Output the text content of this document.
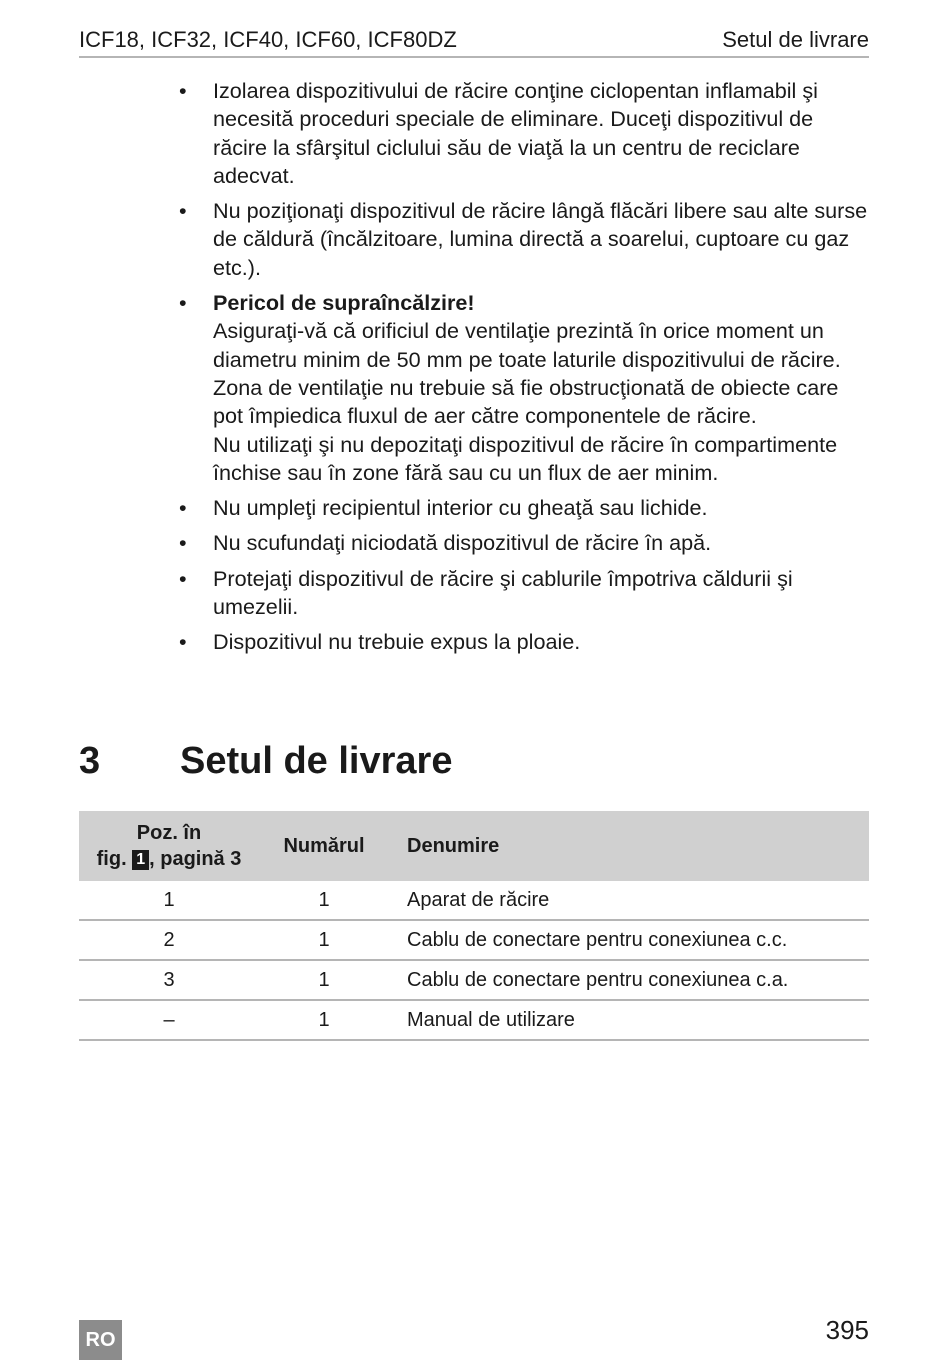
ICF18, ICF32, ICF40, ICF60, ICF80DZ	Setul de livrare
•	Izolarea dispozitivului de răcire conţine ciclopentan inflamabil şi necesită proceduri speciale de eliminare. Duceţi dispozitivul de răcire la sfârşitul ciclului său de viaţă la un centru de reciclare adecvat.
•	Nu poziţionaţi dispozitivul de răcire lângă flăcări libere sau alte surse de căldură (încălzitoare, lumina directă a soarelui, cuptoare cu gaz etc.).
•	Pericol de supraîncălzire!
Asiguraţi-vă că orificiul de ventilaţie prezintă în orice moment un diametru minim de 50 mm pe toate laturile dispozitivului de răcire. Zona de ventilaţie nu trebuie să fie obstrucţionată de obiecte care pot împiedica fluxul de aer către componentele de răcire.
Nu utilizaţi şi nu depozitaţi dispozitivul de răcire în compartimente închise sau în zone fără sau cu un flux de aer minim.
•	Nu umpleţi recipientul interior cu gheaţă sau lichide.
•	Nu scufundaţi niciodată dispozitivul de răcire în apă.
•	Protejaţi dispozitivul de răcire şi cablurile împotriva căldurii şi umezelii.
•	Dispozitivul nu trebuie expus la ploaie.
3 Setul de livrare
Poz. în
fig. 1 , pagină 3	Numărul	Denumire
1	1	Aparat de răcire
2	1	Cablu de conectare pentru conexiunea c.c.
3	1	Cablu de conectare pentru conexiunea c.a.
–	1	Manual de utilizare
RO	395
